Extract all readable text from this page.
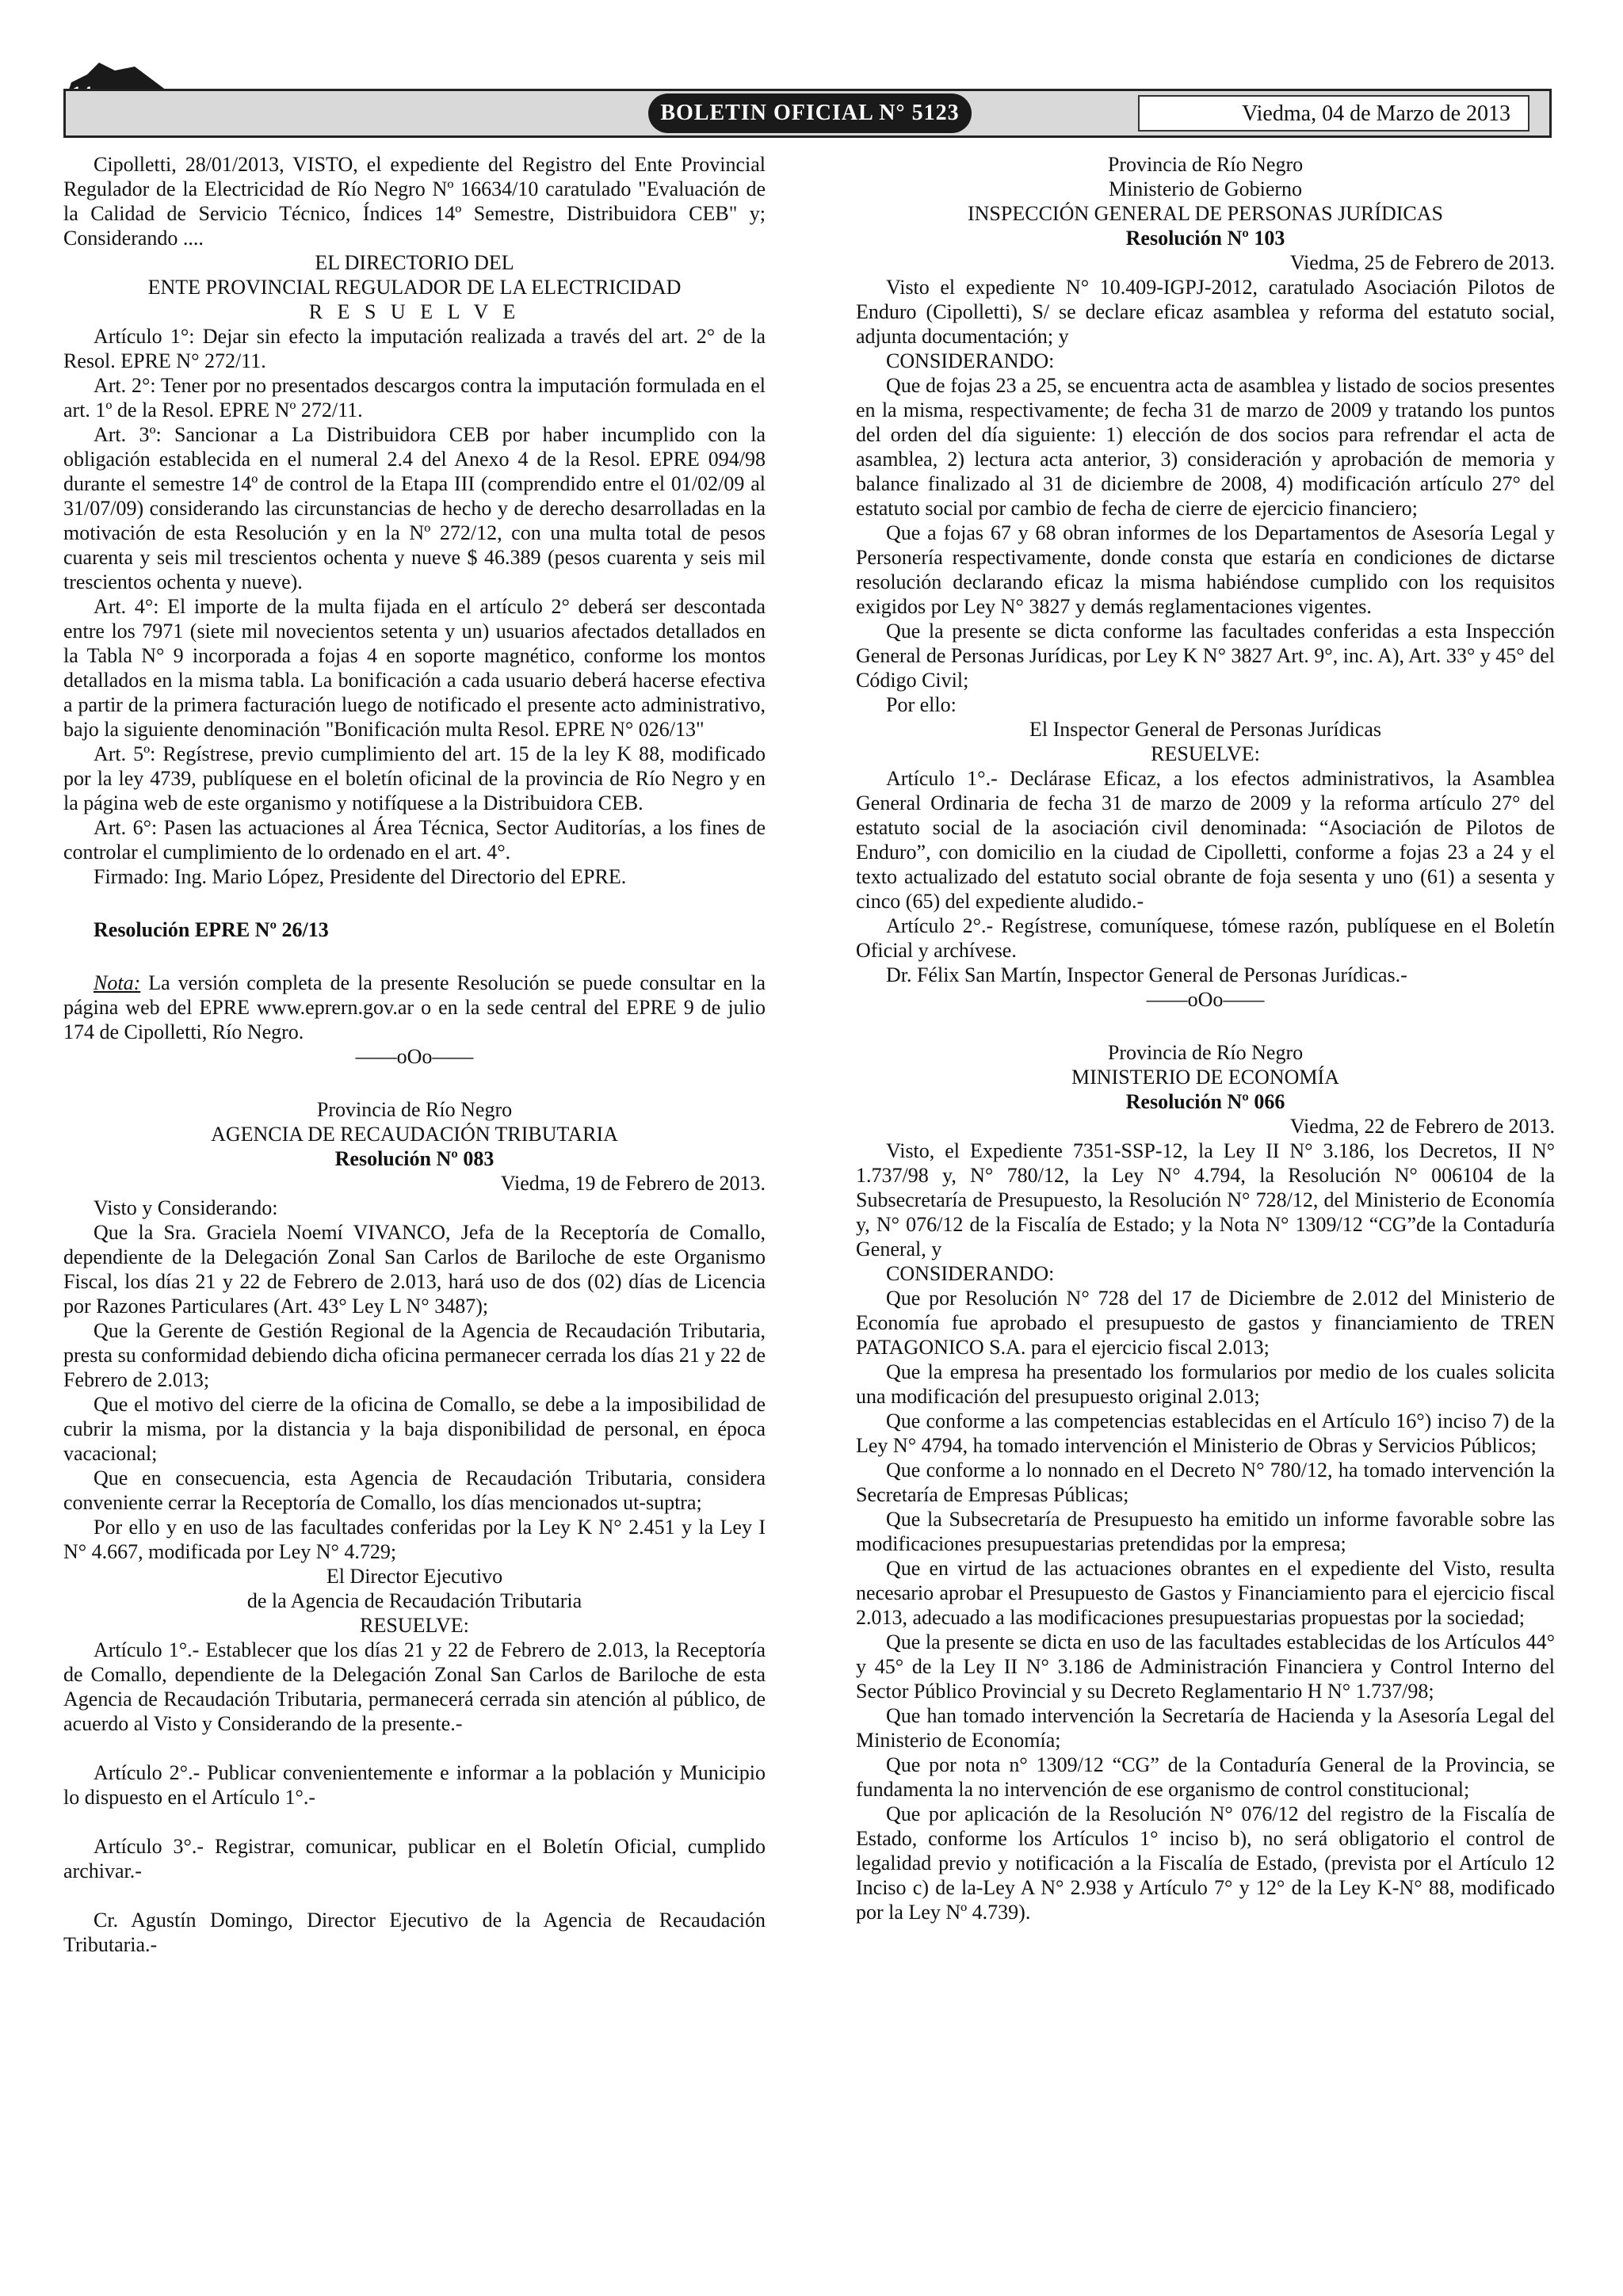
BOLETIN OFICIAL N° 5123	Viedma, 04 de Marzo de 2013

Cipolletti, 28/01/2013, VISTO, el expediente del Registro del Ente Provincial Regulador de la Electricidad de Río Negro Nº 16634/10 caratulado "Evaluación de la Calidad de Servicio Técnico, Índices 14º Semestre, Distribuidora CEB" y; Considerando ....

EL DIRECTORIO DEL

ENTE PROVINCIAL REGULADOR DE LA ELECTRICIDAD

R E S U E L V E

Artículo 1°: Dejar sin efecto la imputación realizada a través del art. 2° de la Resol. EPRE N° 272/11.

Art. 2°: Tener por no presentados descargos contra la imputación formulada en el art. 1º de la Resol. EPRE Nº 272/11.

Art. 3º: Sancionar a La Distribuidora CEB por haber incumplido con la obligación establecida en el numeral 2.4 del Anexo 4 de la Resol. EPRE 094/98 durante el semestre 14º de control de la Etapa III (comprendido entre el 01/02/09 al 31/07/09) considerando las circunstancias de hecho y de derecho desarrolladas en la motivación de esta Resolución y en la Nº 272/12, con una multa total de pesos cuarenta y seis mil trescientos ochenta y nueve $ 46.389 (pesos cuarenta y seis mil trescientos ochenta y nueve).

Art. 4°: El importe de la multa fijada en el artículo 2° deberá ser descontada entre los 7971 (siete mil novecientos setenta y un) usuarios afectados detallados en la Tabla N° 9 incorporada a fojas 4 en soporte magnético, conforme los montos detallados en la misma tabla. La bonificación a cada usuario deberá hacerse efectiva a partir de la primera facturación luego de notificado el presente acto administrativo, bajo la siguiente denominación "Bonificación multa Resol. EPRE N° 026/13"

Art. 5º: Regístrese, previo cumplimiento del art. 15 de la ley K 88, modificado por la ley 4739, publíquese en el boletín oficinal de la provincia de Río Negro y en la página web de este organismo y notifíquese a la Distribuidora CEB.

Art. 6°: Pasen las actuaciones al Área Técnica, Sector Auditorías, a los fines de controlar el cumplimiento de lo ordenado en el art. 4°.

Firmado: Ing. Mario López, Presidente del Directorio del EPRE.

Resolución EPRE Nº 26/13

Nota: La versión completa de la presente Resolución se puede consultar en la página web del EPRE www.eprern.gov.ar o en la sede central del EPRE 9 de julio 174 de Cipolletti, Río Negro.

——oOo——

Provincia de Río Negro

AGENCIA DE RECAUDACIÓN TRIBUTARIA

Resolución Nº 083

Viedma, 19 de Febrero de 2013.

Visto y Considerando:

Que la Sra. Graciela Noemí VIVANCO, Jefa de la Receptoría de Comallo, dependiente de la Delegación Zonal San Carlos de Bariloche de este Organismo Fiscal, los días 21 y 22 de Febrero de 2.013, hará uso de dos (02) días de Licencia por Razones Particulares (Art. 43° Ley L N° 3487);

Que la Gerente de Gestión Regional de la Agencia de Recaudación Tributaria, presta su conformidad debiendo dicha oficina permanecer cerrada los días 21 y 22 de Febrero de 2.013;

Que el motivo del cierre de la oficina de Comallo, se debe a la imposibilidad de cubrir la misma, por la distancia y la baja disponibilidad de personal, en época vacacional;

Que en consecuencia, esta Agencia de Recaudación Tributaria, considera conveniente cerrar la Receptoría de Comallo, los días mencionados ut-suptra;

Por ello y en uso de las facultades conferidas por la Ley K N° 2.451 y la Ley I N° 4.667, modificada por Ley N° 4.729;

El Director Ejecutivo

de la Agencia de Recaudación Tributaria

RESUELVE:

Artículo 1°.- Establecer que los días 21 y 22 de Febrero de 2.013, la Receptoría de Comallo, dependiente de la Delegación Zonal San Carlos de Bariloche de esta Agencia de Recaudación Tributaria, permanecerá cerrada sin atención al público, de acuerdo al Visto y Considerando de la presente.-

Artículo 2°.- Publicar convenientemente e informar a la población y Municipio lo dispuesto en el Artículo 1°.-

Artículo 3°.- Registrar, comunicar, publicar en el Boletín Oficial, cumplido archivar.-

Cr. Agustín Domingo, Director Ejecutivo de la Agencia de Recaudación Tributaria.-

Provincia de Río Negro

Ministerio de Gobierno

INSPECCIÓN GENERAL DE PERSONAS JURÍDICAS

Resolución Nº 103

Viedma, 25 de Febrero de 2013.

Visto el expediente N° 10.409-IGPJ-2012, caratulado Asociación Pilotos de Enduro (Cipolletti), S/ se declare eficaz asamblea y reforma del estatuto social, adjunta documentación; y

CONSIDERANDO:

Que de fojas 23 a 25, se encuentra acta de asamblea y listado de socios presentes en la misma, respectivamente; de fecha 31 de marzo de 2009 y tratando los puntos del orden del día siguiente: 1) elección de dos socios para refrendar el acta de asamblea, 2) lectura acta anterior, 3) consideración y aprobación de memoria y balance finalizado al 31 de diciembre de 2008, 4) modificación artículo 27° del estatuto social por cambio de fecha de cierre de ejercicio financiero;

Que a fojas 67 y 68 obran informes de los Departamentos de Asesoría Legal y Personería respectivamente, donde consta que estaría en condiciones de dictarse resolución declarando eficaz la misma habiéndose cumplido con los requisitos exigidos por Ley N° 3827 y demás reglamentaciones vigentes.

Que la presente se dicta conforme las facultades conferidas a esta Inspección General de Personas Jurídicas, por Ley K N° 3827 Art. 9°, inc. A), Art. 33° y 45° del Código Civil;

Por ello:

El Inspector General de Personas Jurídicas

RESUELVE:

Artículo 1°.- Declárase Eficaz, a los efectos administrativos, la Asamblea General Ordinaria de fecha 31 de marzo de 2009 y la reforma artículo 27° del estatuto social de la asociación civil denominada: “Asociación de Pilotos de Enduro”, con domicilio en la ciudad de Cipolletti, conforme a fojas 23 a 24 y el texto actualizado del estatuto social obrante de foja sesenta y uno (61) a sesenta y cinco (65) del expediente aludido.-

Artículo 2°.- Regístrese, comuníquese, tómese razón, publíquese en el Boletín Oficial y archívese.

Dr. Félix San Martín, Inspector General de Personas Jurídicas.-

——oOo——

Provincia de Río Negro

MINISTERIO DE ECONOMÍA

Resolución Nº 066

Viedma, 22 de Febrero de 2013.

Visto, el Expediente 7351-SSP-12, la Ley II N° 3.186, los Decretos, II N° 1.737/98 y, N° 780/12, la Ley N° 4.794, la Resolución N° 006104 de la Subsecretaría de Presupuesto, la Resolución N° 728/12, del Ministerio de Economía y, N° 076/12 de la Fiscalía de Estado; y la Nota N° 1309/12 “CG”de la Contaduría General, y

CONSIDERANDO:

Que por Resolución N° 728 del 17 de Diciembre de 2.012 del Ministerio de Economía fue aprobado el presupuesto de gastos y financiamiento de TREN PATAGONICO S.A. para el ejercicio fiscal 2.013;

Que la empresa ha presentado los formularios por medio de los cuales solicita una modificación del presupuesto original 2.013;

Que conforme a las competencias establecidas en el Artículo 16°) inciso 7) de la Ley N° 4794, ha tomado intervención el Ministerio de Obras y Servicios Públicos;

Que conforme a lo nonnado en el Decreto N° 780/12, ha tomado intervención la Secretaría de Empresas Públicas;

Que la Subsecretaría de Presupuesto ha emitido un informe favorable sobre las modificaciones presupuestarias pretendidas por la empresa;

Que en virtud de las actuaciones obrantes en el expediente del Visto, resulta necesario aprobar el Presupuesto de Gastos y Financiamiento para el ejercicio fiscal 2.013, adecuado a las modificaciones presupuestarias propuestas por la sociedad;

Que la presente se dicta en uso de las facultades establecidas de los Artículos 44° y 45° de la Ley II N° 3.186 de Administración Financiera y Control Interno del Sector Público Provincial y su Decreto Reglamentario H N° 1.737/98;

Que han tomado intervención la Secretaría de Hacienda y la Asesoría Legal del Ministerio de Economía;

Que por nota n° 1309/12 “CG” de la Contaduría General de la Provincia, se fundamenta la no intervención de ese organismo de control constitucional;

Que por aplicación de la Resolución N° 076/12 del registro de la Fiscalía de Estado, conforme los Artículos 1° inciso b), no será obligatorio el control de legalidad previo y notificación a la Fiscalía de Estado, (prevista por el Artículo 12 Inciso c) de la-Ley A N° 2.938 y Artículo 7° y 12° de la Ley K-N° 88, modificado por la Ley Nº 4.739).
